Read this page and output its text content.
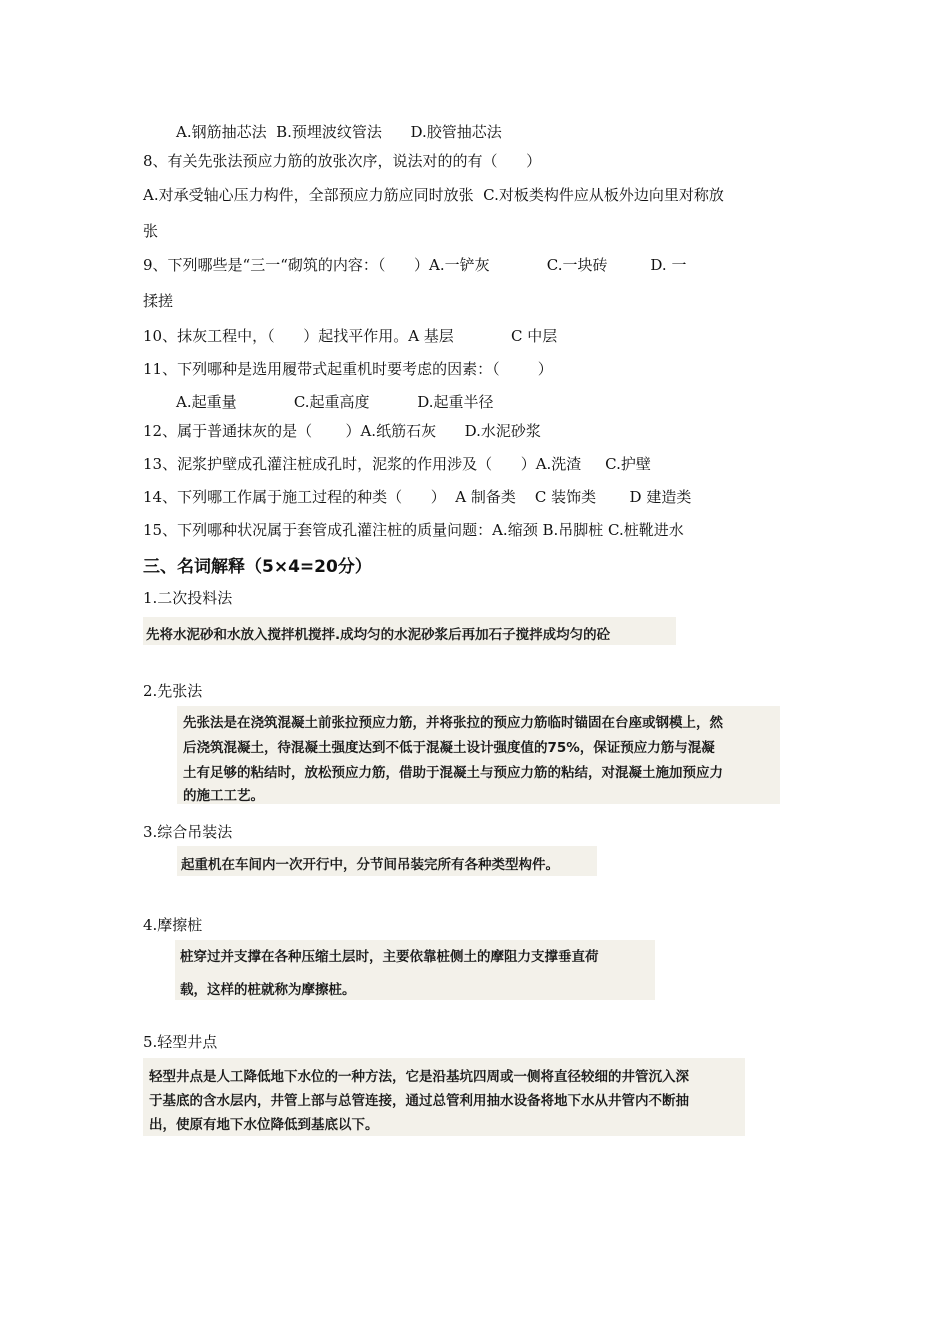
A.钢筋抽芯法  B.预埋波纹管法      D.胶管抽芯法
8、有关先张法预应力筋的放张次序，说法对的的有（      ）
A.对承受轴心压力构件，全部预应力筋应同时放张  C.对板类构件应从板外边向里对称放
张
9、下列哪些是“三一“砌筑的内容：（      ）A.一铲灰            C.一块砖         D. 一
揉搓
10、抹灰工程中，（      ）起找平作用。A 基层            C 中层
11、下列哪种是选用履带式起重机时要考虑的因素：（        ）
A.起重量            C.起重高度          D.起重半径
12、属于普通抹灰的是（       ）A.纸筋石灰      D.水泥砂浆
13、泥浆护壁成孔灌注桩成孔时，泥浆的作用涉及（      ）A.洗渣     C.护壁
14、下列哪工作属于施工过程的种类（      ）  A 制备类    C 装饰类       D 建造类
15、下列哪种状况属于套管成孔灌注桩的质量问题：A.缩颈 B.吊脚桩 C.桩靴进水
三、名词解释（5×4=20分）
1.二次投料法
先将水泥砂和水放入搅拌机搅拌.成均匀的水泥砂浆后再加石子搅拌成均匀的砼
2.先张法
先张法是在浇筑混凝土前张拉预应力筋，并将张拉的预应力筋临时锚固在台座或钢模上，然
后浇筑混凝土，待混凝土强度达到不低于混凝土设计强度值的75%，保证预应力筋与混凝
土有足够的粘结时，放松预应力筋，借助于混凝土与预应力筋的粘结，对混凝土施加预应力
的施工工艺。
3.综合吊装法
起重机在车间内一次开行中，分节间吊装完所有各种类型构件。
4.摩擦桩
桩穿过并支撑在各种压缩土层时，主要依靠桩侧土的摩阻力支撑垂直荷
载，这样的桩就称为摩擦桩。
5.轻型井点
轻型井点是人工降低地下水位的一种方法，它是沿基坑四周或一侧将直径较细的井管沉入深
于基底的含水层内，井管上部与总管连接，通过总管利用抽水设备将地下水从井管内不断抽
出，使原有地下水位降低到基底以下。
